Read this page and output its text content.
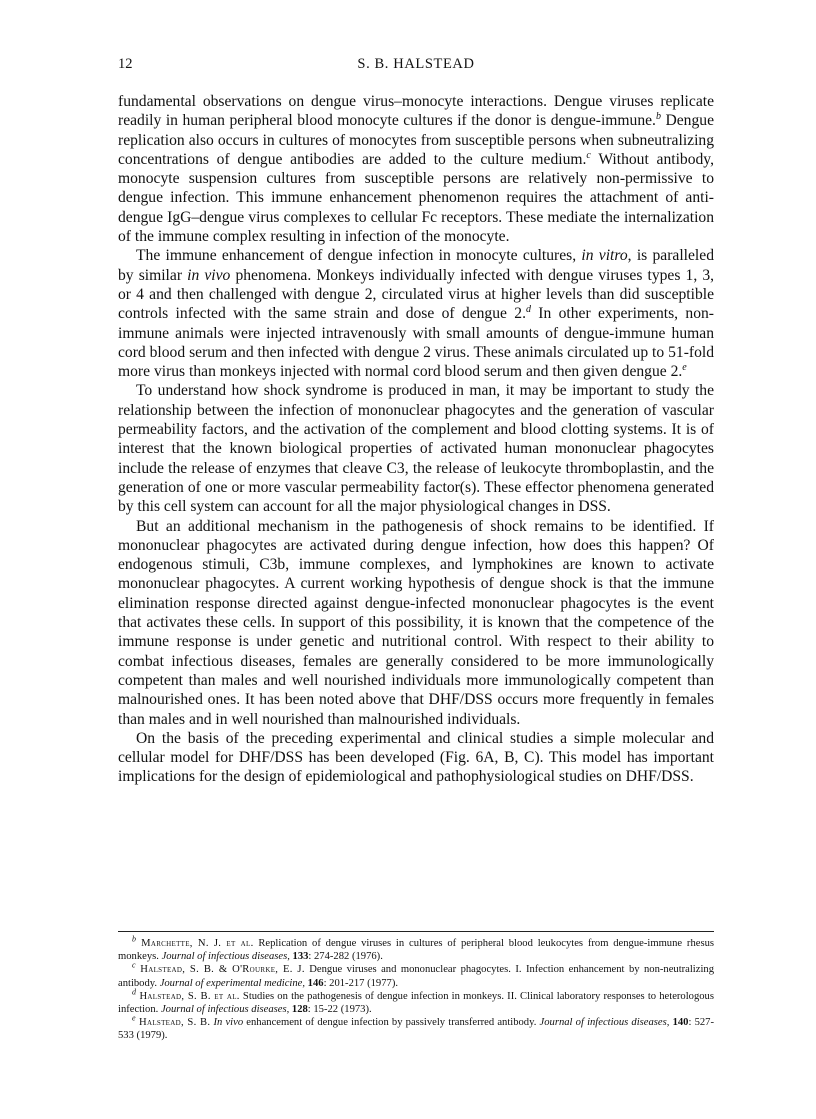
12	S. B. HALSTEAD

fundamental observations on dengue virus–monocyte interactions. Dengue viruses replicate readily in human peripheral blood monocyte cultures if the donor is dengue-immune.$^b$ Dengue replication also occurs in cultures of monocytes from susceptible persons when subneutralizing concentrations of dengue antibodies are added to the culture medium.$^c$ Without antibody, monocyte suspension cultures from susceptible persons are relatively non-permissive to dengue infection. This immune enhancement phenomenon requires the attachment of anti-dengue IgG–dengue virus complexes to cellular Fc receptors. These mediate the internalization of the immune complex resulting in infection of the monocyte.

The immune enhancement of dengue infection in monocyte cultures, in vitro, is paralleled by similar in vivo phenomena. Monkeys individually infected with dengue viruses types 1, 3, or 4 and then challenged with dengue 2, circulated virus at higher levels than did susceptible controls infected with the same strain and dose of dengue 2.$^d$ In other experiments, non-immune animals were injected intravenously with small amounts of dengue-immune human cord blood serum and then infected with dengue 2 virus. These animals circulated up to 51-fold more virus than monkeys injected with normal cord blood serum and then given dengue 2.$^e$

To understand how shock syndrome is produced in man, it may be important to study the relationship between the infection of mononuclear phagocytes and the generation of vascular permeability factors, and the activation of the complement and blood clotting systems. It is of interest that the known biological properties of activated human mononuclear phagocytes include the release of enzymes that cleave C3, the release of leukocyte thromboplastin, and the generation of one or more vascular permeability factor(s). These effector phenomena generated by this cell system can account for all the major physiological changes in DSS.

But an additional mechanism in the pathogenesis of shock remains to be identified. If mononuclear phagocytes are activated during dengue infection, how does this happen? Of endogenous stimuli, C3b, immune complexes, and lymphokines are known to activate mononuclear phagocytes. A current working hypothesis of dengue shock is that the immune elimination response directed against dengue-infected mononuclear phagocytes is the event that activates these cells. In support of this possibility, it is known that the competence of the immune response is under genetic and nutritional control. With respect to their ability to combat infectious diseases, females are generally considered to be more immunologically competent than males and well nourished individuals more immunologically competent than malnourished ones. It has been noted above that DHF/DSS occurs more frequently in females than males and in well nourished than malnourished individuals.

On the basis of the preceding experimental and clinical studies a simple molecular and cellular model for DHF/DSS has been developed (Fig. 6A, B, C). This model has important implications for the design of epidemiological and pathophysiological studies on DHF/DSS.

$^b$ Marchette, N. J. et al. Replication of dengue viruses in cultures of peripheral blood leukocytes from dengue-immune rhesus monkeys. Journal of infectious diseases, 133: 274-282 (1976).

$^c$ Halstead, S. B. & O'Rourke, E. J. Dengue viruses and mononuclear phagocytes. I. Infection enhancement by non-neutralizing antibody. Journal of experimental medicine, 146: 201-217 (1977).

$^d$ Halstead, S. B. et al. Studies on the pathogenesis of dengue infection in monkeys. II. Clinical laboratory responses to heterologous infection. Journal of infectious diseases, 128: 15-22 (1973).

$^e$ Halstead, S. B. In vivo enhancement of dengue infection by passively transferred antibody. Journal of infectious diseases, 140: 527-533 (1979).
